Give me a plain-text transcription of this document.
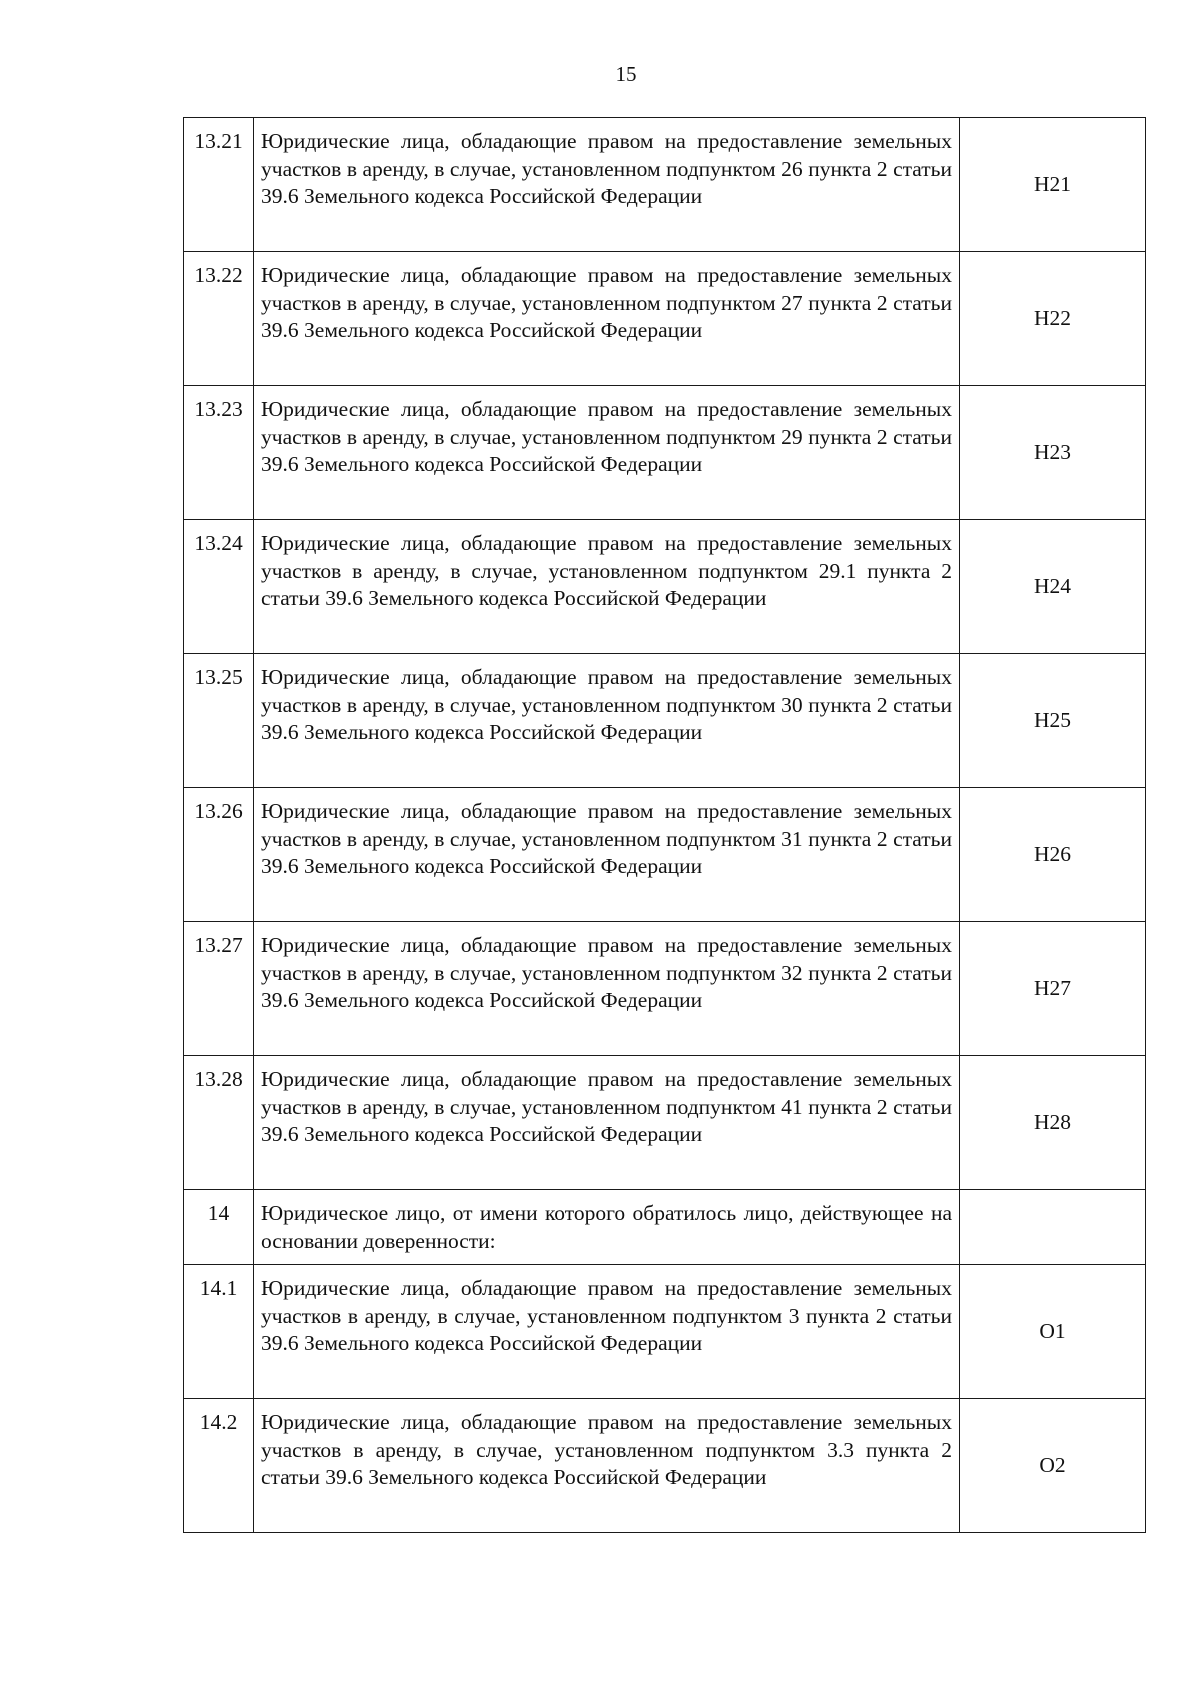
15
13.21	Юридические лица, обладающие правом на предоставление земельных участков в аренду, в случае, установленном подпунктом 26 пункта 2 статьи 39.6 Земельного кодекса Российской Федерации	Н21
13.22	Юридические лица, обладающие правом на предоставление земельных участков в аренду, в случае, установленном подпунктом 27 пункта 2 статьи 39.6 Земельного кодекса Российской Федерации	Н22
13.23	Юридические лица, обладающие правом на предоставление земельных участков в аренду, в случае, установленном подпунктом 29 пункта 2 статьи 39.6 Земельного кодекса Российской Федерации	Н23
13.24	Юридические лица, обладающие правом на предоставление земельных участков в аренду, в случае, установленном подпунктом 29.1 пункта 2 статьи 39.6 Земельного кодекса Российской Федерации	Н24
13.25	Юридические лица, обладающие правом на предоставление земельных участков в аренду, в случае, установленном подпунктом 30 пункта 2 статьи 39.6 Земельного кодекса Российской Федерации	Н25
13.26	Юридические лица, обладающие правом на предоставление земельных участков в аренду, в случае, установленном подпунктом 31 пункта 2 статьи 39.6 Земельного кодекса Российской Федерации	Н26
13.27	Юридические лица, обладающие правом на предоставление земельных участков в аренду, в случае, установленном подпунктом 32 пункта 2 статьи 39.6 Земельного кодекса Российской Федерации	Н27
13.28	Юридические лица, обладающие правом на предоставление земельных участков в аренду, в случае, установленном подпунктом 41 пункта 2 статьи 39.6 Земельного кодекса Российской Федерации	Н28
14	Юридическое лицо, от имени которого обратилось лицо, действующее на основании доверенности:	
14.1	Юридические лица, обладающие правом на предоставление земельных участков в аренду, в случае, установленном подпунктом 3 пункта 2 статьи 39.6 Земельного кодекса Российской Федерации	О1
14.2	Юридические лица, обладающие правом на предоставление земельных участков в аренду, в случае, установленном подпунктом 3.3 пункта 2 статьи 39.6 Земельного кодекса Российской Федерации	О2
